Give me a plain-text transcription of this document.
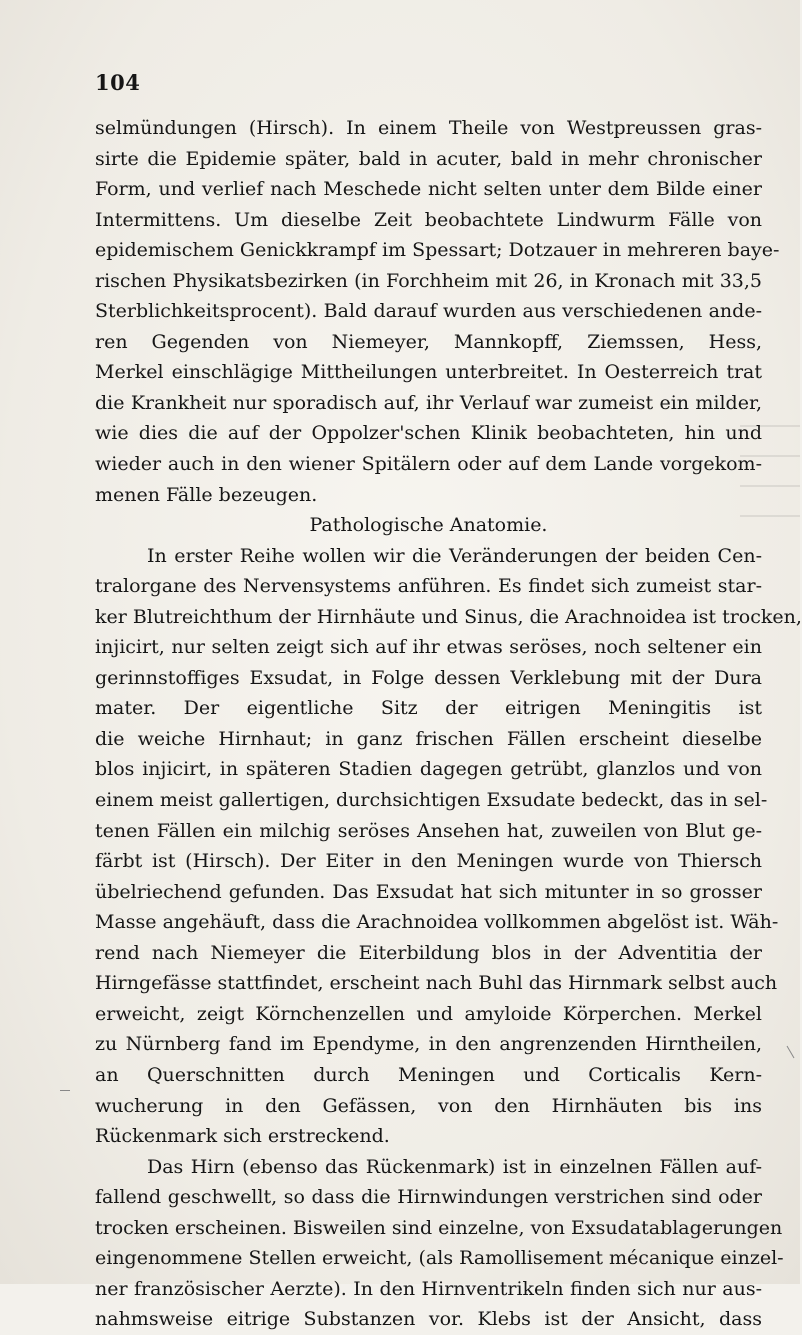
104
selmündungen (Hirsch). In einem Theile von Westpreussen gras-
sirte die Epidemie später, bald in acuter, bald in mehr chronischer
Form, und verlief nach Meschede nicht selten unter dem Bilde einer
Intermittens. Um dieselbe Zeit beobachtete Lindwurm Fälle von
epidemischem Genickkrampf im Spessart; Dotzauer in mehreren baye-
rischen Physikatsbezirken (in Forchheim mit 26, in Kronach mit 33,5
Sterblichkeitsprocent). Bald darauf wurden aus verschiedenen ande-
ren Gegenden von Niemeyer, Mannkopff, Ziemssen, Hess,
Merkel einschlägige Mittheilungen unterbreitet. In Oesterreich trat
die Krankheit nur sporadisch auf, ihr Verlauf war zumeist ein milder,
wie dies die auf der Oppolzer'schen Klinik beobachteten, hin und
wieder auch in den wiener Spitälern oder auf dem Lande vorgekom-
menen Fälle bezeugen.
Pathologische Anatomie.
In erster Reihe wollen wir die Veränderungen der beiden Cen-
tralorgane des Nervensystems anführen. Es findet sich zumeist star-
ker Blutreichthum der Hirnhäute und Sinus, die Arachnoidea ist trocken,
injicirt, nur selten zeigt sich auf ihr etwas seröses, noch seltener ein
gerinnstoffiges Exsudat, in Folge dessen Verklebung mit der Dura
mater. Der eigentliche Sitz der eitrigen Meningitis ist
die weiche Hirnhaut; in ganz frischen Fällen erscheint dieselbe
blos injicirt, in späteren Stadien dagegen getrübt, glanzlos und von
einem meist gallertigen, durchsichtigen Exsudate bedeckt, das in sel-
tenen Fällen ein milchig seröses Ansehen hat, zuweilen von Blut ge-
färbt ist (Hirsch). Der Eiter in den Meningen wurde von Thiersch
übelriechend gefunden. Das Exsudat hat sich mitunter in so grosser
Masse angehäuft, dass die Arachnoidea vollkommen abgelöst ist. Wäh-
rend nach Niemeyer die Eiterbildung blos in der Adventitia der
Hirngefässe stattfindet, erscheint nach Buhl das Hirnmark selbst auch
erweicht, zeigt Körnchenzellen und amyloide Körperchen. Merkel
zu Nürnberg fand im Ependyme, in den angrenzenden Hirntheilen,
an Querschnitten durch Meningen und Corticalis Kern-
wucherung in den Gefässen, von den Hirnhäuten bis ins
Rückenmark sich erstreckend.
Das Hirn (ebenso das Rückenmark) ist in einzelnen Fällen auf-
fallend geschwellt, so dass die Hirnwindungen verstrichen sind oder
trocken erscheinen. Bisweilen sind einzelne, von Exsudatablagerungen
eingenommene Stellen erweicht, (als Ramollisement mécanique einzel-
ner französischer Aerzte). In den Hirnventrikeln finden sich nur aus-
nahmsweise eitrige Substanzen vor. Klebs ist der Ansicht, dass
